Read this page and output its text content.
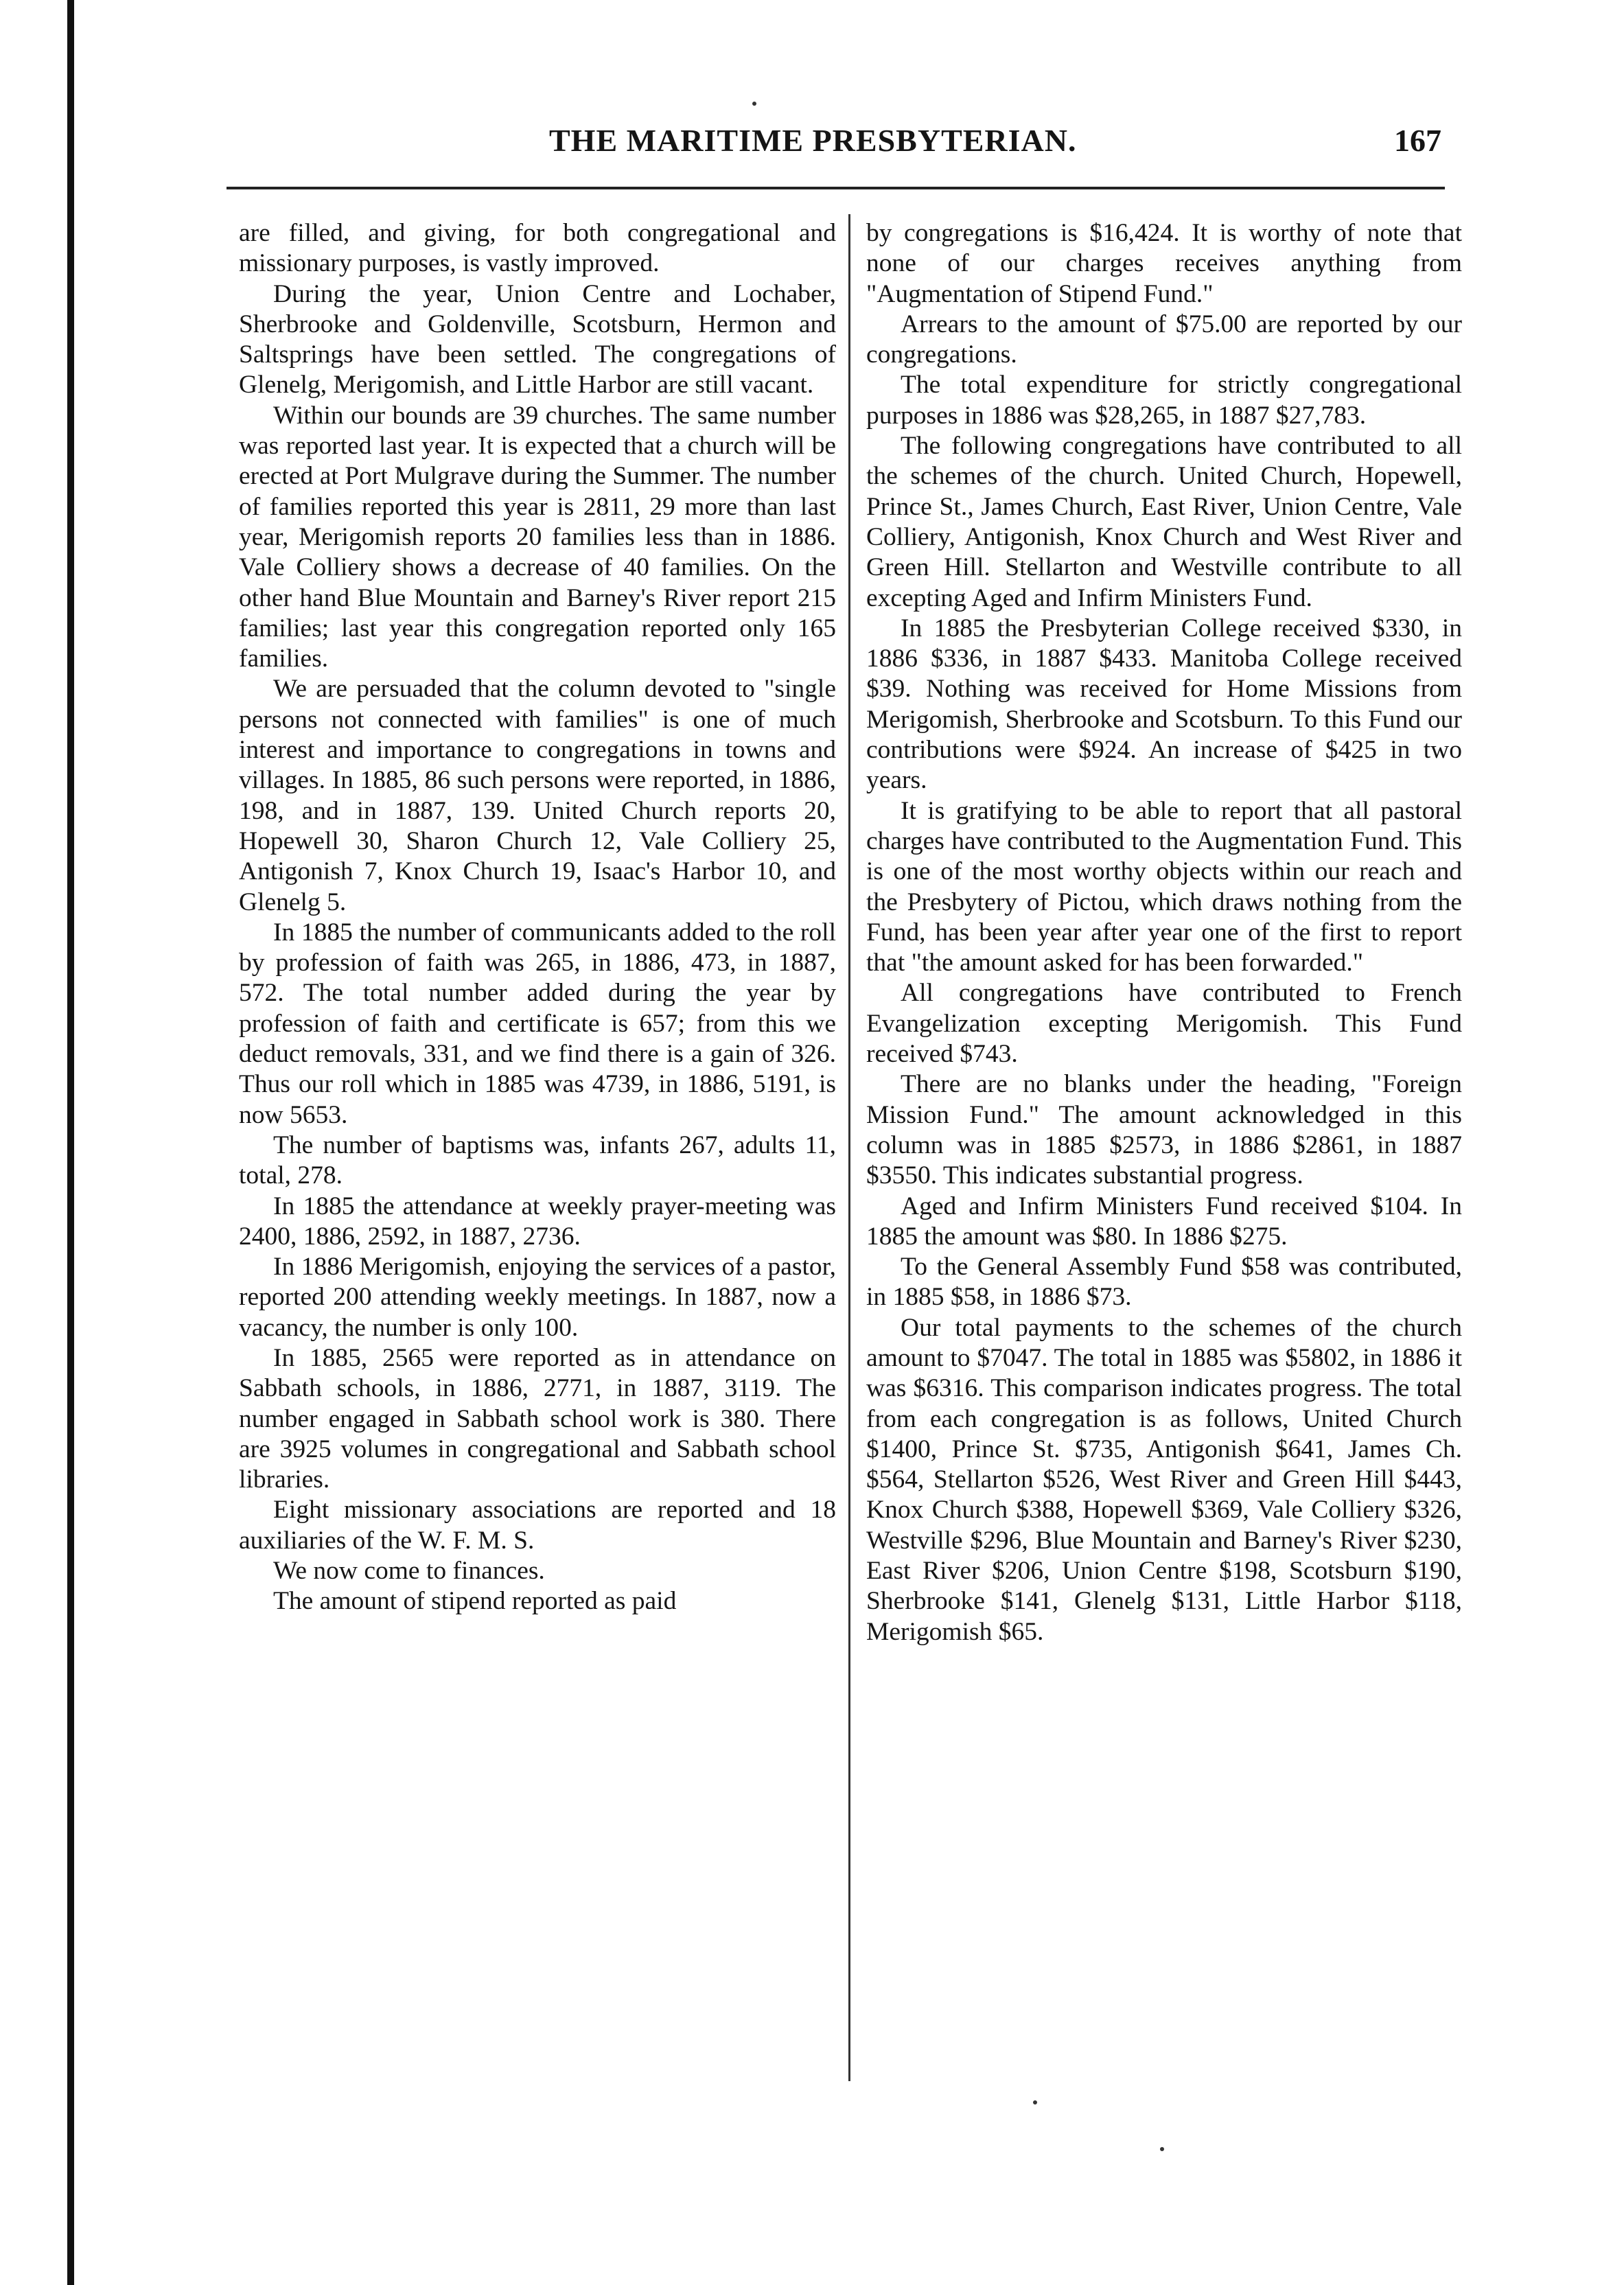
THE MARITIME PRESBYTERIAN.	167

are filled, and giving, for both congregational and missionary purposes, is vastly improved.

During the year, Union Centre and Lochaber, Sherbrooke and Goldenville, Scotsburn, Hermon and Saltsprings have been settled. The congregations of Glenelg, Merigomish, and Little Harbor are still vacant.

Within our bounds are 39 churches. The same number was reported last year. It is expected that a church will be erected at Port Mulgrave during the Summer. The number of families reported this year is 2811, 29 more than last year, Merigomish reports 20 families less than in 1886. Vale Colliery shows a decrease of 40 families. On the other hand Blue Mountain and Barney's River report 215 families; last year this congregation reported only 165 families.

We are persuaded that the column devoted to "single persons not connected with families" is one of much interest and importance to congregations in towns and villages. In 1885, 86 such persons were reported, in 1886, 198, and in 1887, 139. United Church reports 20, Hopewell 30, Sharon Church 12, Vale Colliery 25, Antigonish 7, Knox Church 19, Isaac's Harbor 10, and Glenelg 5.

In 1885 the number of communicants added to the roll by profession of faith was 265, in 1886, 473, in 1887, 572. The total number added during the year by profession of faith and certificate is 657; from this we deduct removals, 331, and we find there is a gain of 326. Thus our roll which in 1885 was 4739, in 1886, 5191, is now 5653.

The number of baptisms was, infants 267, adults 11, total, 278.

In 1885 the attendance at weekly prayer-meeting was 2400, 1886, 2592, in 1887, 2736.

In 1886 Merigomish, enjoying the services of a pastor, reported 200 attending weekly meetings. In 1887, now a vacancy, the number is only 100.

In 1885, 2565 were reported as in attendance on Sabbath schools, in 1886, 2771, in 1887, 3119. The number engaged in Sabbath school work is 380. There are 3925 volumes in congregational and Sabbath school libraries.

Eight missionary associations are reported and 18 auxiliaries of the W. F. M. S.

We now come to finances.

The amount of stipend reported as paid

by congregations is $16,424. It is worthy of note that none of our charges receives anything from "Augmentation of Stipend Fund."

Arrears to the amount of $75.00 are reported by our congregations.

The total expenditure for strictly congregational purposes in 1886 was $28,265, in 1887 $27,783.

The following congregations have contributed to all the schemes of the church. United Church, Hopewell, Prince St., James Church, East River, Union Centre, Vale Colliery, Antigonish, Knox Church and West River and Green Hill. Stellarton and Westville contribute to all excepting Aged and Infirm Ministers Fund.

In 1885 the Presbyterian College received $330, in 1886 $336, in 1887 $433. Manitoba College received $39. Nothing was received for Home Missions from Merigomish, Sherbrooke and Scotsburn. To this Fund our contributions were $924. An increase of $425 in two years.

It is gratifying to be able to report that all pastoral charges have contributed to the Augmentation Fund. This is one of the most worthy objects within our reach and the Presbytery of Pictou, which draws nothing from the Fund, has been year after year one of the first to report that "the amount asked for has been forwarded."

All congregations have contributed to French Evangelization excepting Merigomish. This Fund received $743.

There are no blanks under the heading, "Foreign Mission Fund." The amount acknowledged in this column was in 1885 $2573, in 1886 $2861, in 1887 $3550. This indicates substantial progress.

Aged and Infirm Ministers Fund received $104. In 1885 the amount was $80. In 1886 $275.

To the General Assembly Fund $58 was contributed, in 1885 $58, in 1886 $73.

Our total payments to the schemes of the church amount to $7047. The total in 1885 was $5802, in 1886 it was $6316. This comparison indicates progress. The total from each congregation is as follows, United Church $1400, Prince St. $735, Antigonish $641, James Ch. $564, Stellarton $526, West River and Green Hill $443, Knox Church $388, Hopewell $369, Vale Colliery $326, Westville $296, Blue Mountain and Barney's River $230, East River $206, Union Centre $198, Scotsburn $190, Sherbrooke $141, Glenelg $131, Little Harbor $118, Merigomish $65.
